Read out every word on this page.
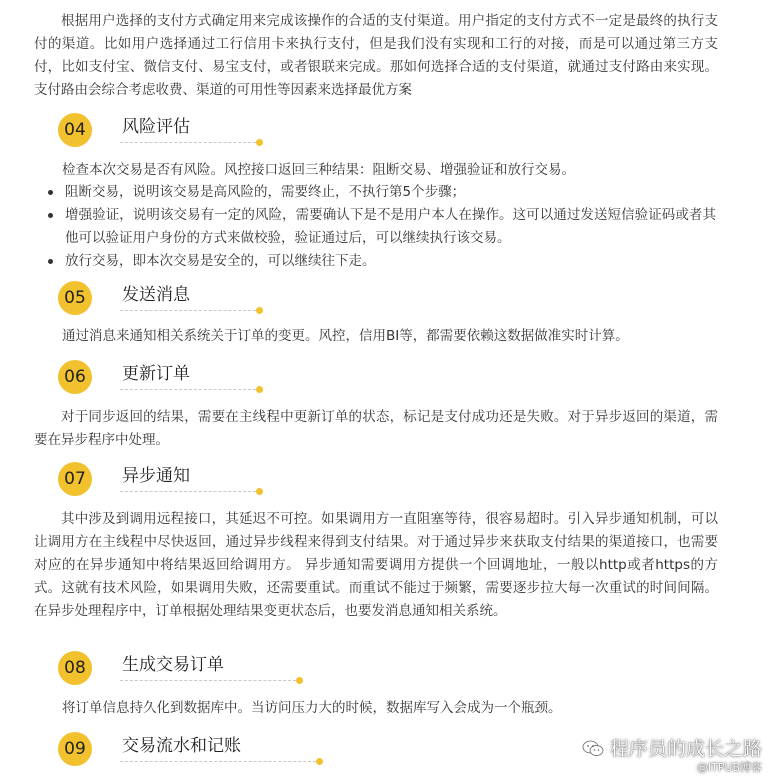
根据用户选择的支付方式确定用来完成该操作的合适的支付渠道。用户指定的支付方式不一定是最终的执行支付的渠道。比如用户选择通过工行信用卡来执行支付，但是我们没有实现和工行的对接，而是可以通过第三方支付，比如支付宝、微信支付、易宝支付，或者银联来完成。那如何选择合适的支付渠道，就通过支付路由来实现。支付路由会综合考虑收费、渠道的可用性等因素来选择最优方案

04	风险评估

检查本次交易是否有风险。风控接口返回三种结果：阻断交易、增强验证和放行交易。

阻断交易，说明该交易是高风险的，需要终止，不执行第5个步骤；
增强验证，说明该交易有一定的风险，需要确认下是不是用户本人在操作。这可以通过发送短信验证码或者其他可以验证用户身份的方式来做校验，验证通过后，可以继续执行该交易。
放行交易，即本次交易是安全的，可以继续往下走。
05	发送消息

通过消息来通知相关系统关于订单的变更。风控，信用BI等，都需要依赖这数据做准实时计算。

06	更新订单

对于同步返回的结果，需要在主线程中更新订单的状态，标记是支付成功还是失败。对于异步返回的渠道，需要在异步程序中处理。

07	异步通知

其中涉及到调用远程接口，其延迟不可控。如果调用方一直阻塞等待，很容易超时。引入异步通知机制，可以让调用方在主线程中尽快返回，通过异步线程来得到支付结果。对于通过异步来获取支付结果的渠道接口，也需要对应的在异步通知中将结果返回给调用方。 异步通知需要调用方提供一个回调地址，一般以http或者https的方式。这就有技术风险，如果调用失败，还需要重试。而重试不能过于频繁，需要逐步拉大每一次重试的时间间隔。 在异步处理程序中，订单根据处理结果变更状态后，也要发消息通知相关系统。

08	生成交易订单

将订单信息持久化到数据库中。当访问压力大的时候，数据库写入会成为一个瓶颈。

09	交易流水和记账	程序员的成长之路
@ITPUB博客
